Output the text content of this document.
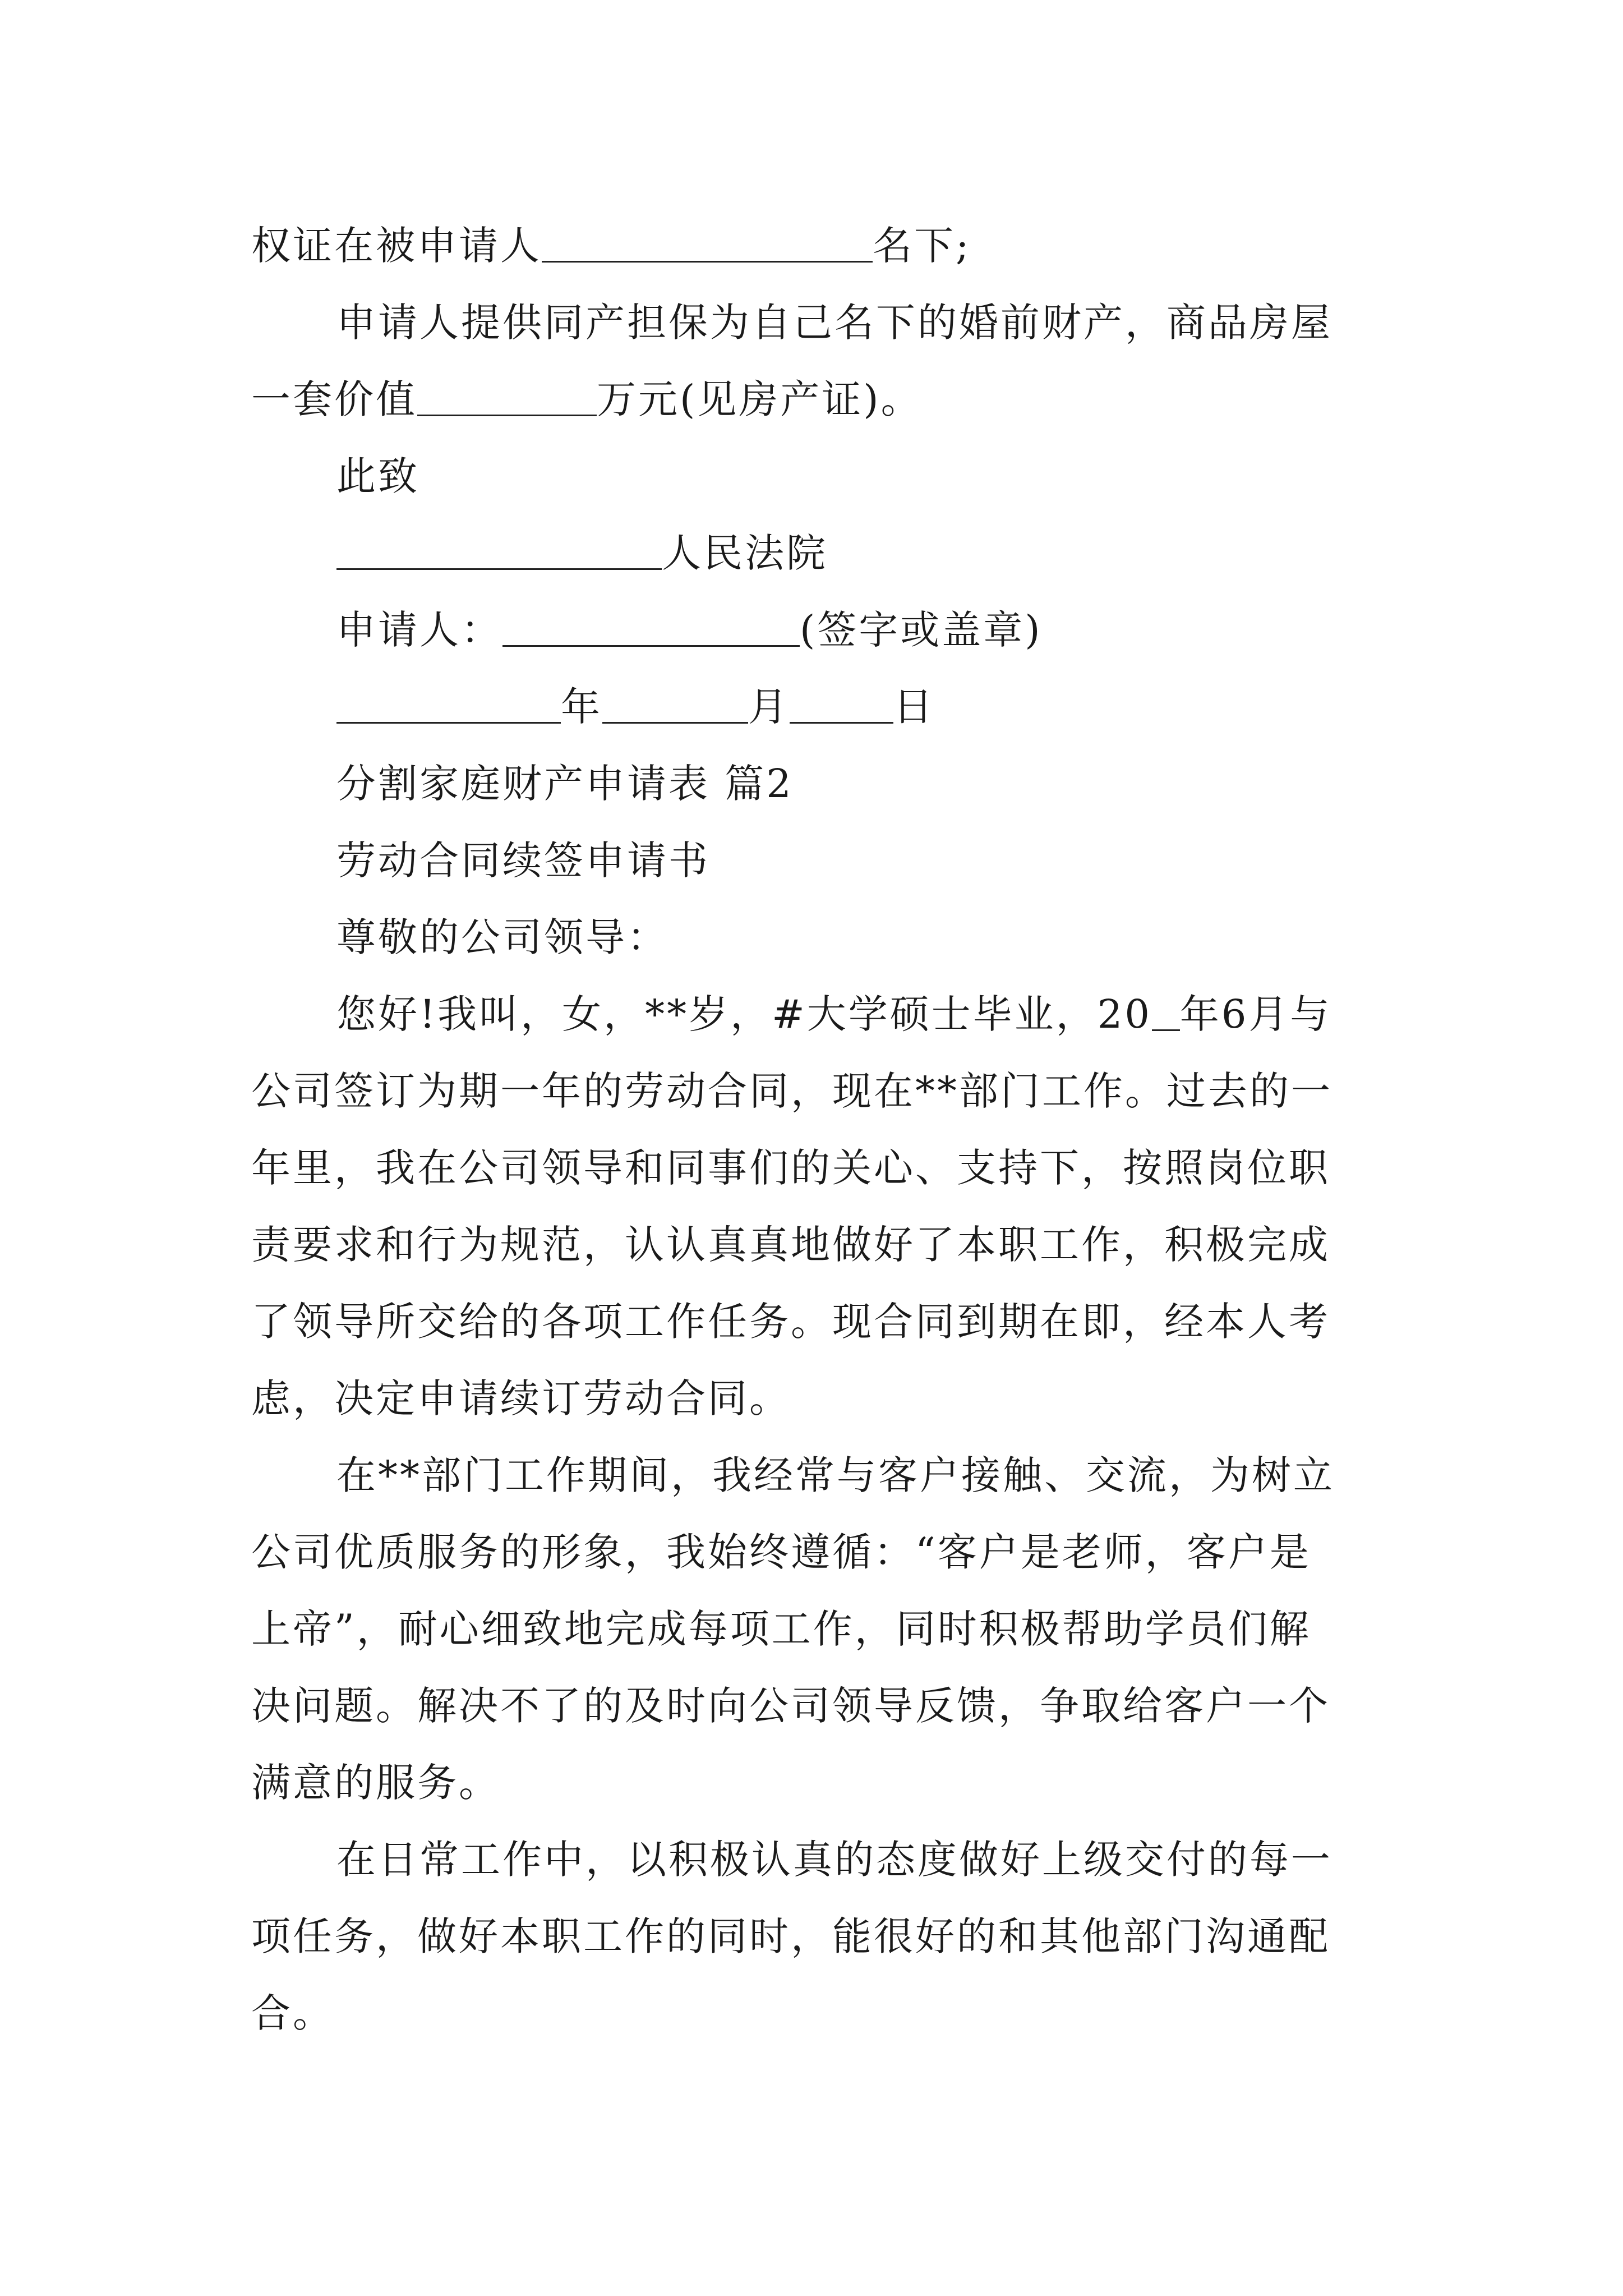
权证在被申请人	名下;
申请人提供同产担保为自己名下的婚前财产，商品房屋
一套价值	万元(见房产证)。
此致
人民法院
申请人：	(签字或盖章)
年	月	日
分割家庭财产申请表 篇2
劳动合同续签申请书
尊敬的公司领导：
您好!我叫，女，**岁，#大学硕士毕业，20 年6月与
公司签订为期一年的劳动合同，现在**部门工作。过去的一
年里，我在公司领导和同事们的关心、支持下，按照岗位职
责要求和行为规范，认认真真地做好了本职工作，积极完成
了领导所交给的各项工作任务。现合同到期在即，经本人考
虑，决定申请续订劳动合同。
在**部门工作期间，我经常与客户接触、交流，为树立
公司优质服务的形象，我始终遵循：“客户是老师，客户是
上帝”，耐心细致地完成每项工作，同时积极帮助学员们解
决问题。解决不了的及时向公司领导反馈，争取给客户一个
满意的服务。
在日常工作中，以积极认真的态度做好上级交付的每一
项任务，做好本职工作的同时，能很好的和其他部门沟通配
合。
